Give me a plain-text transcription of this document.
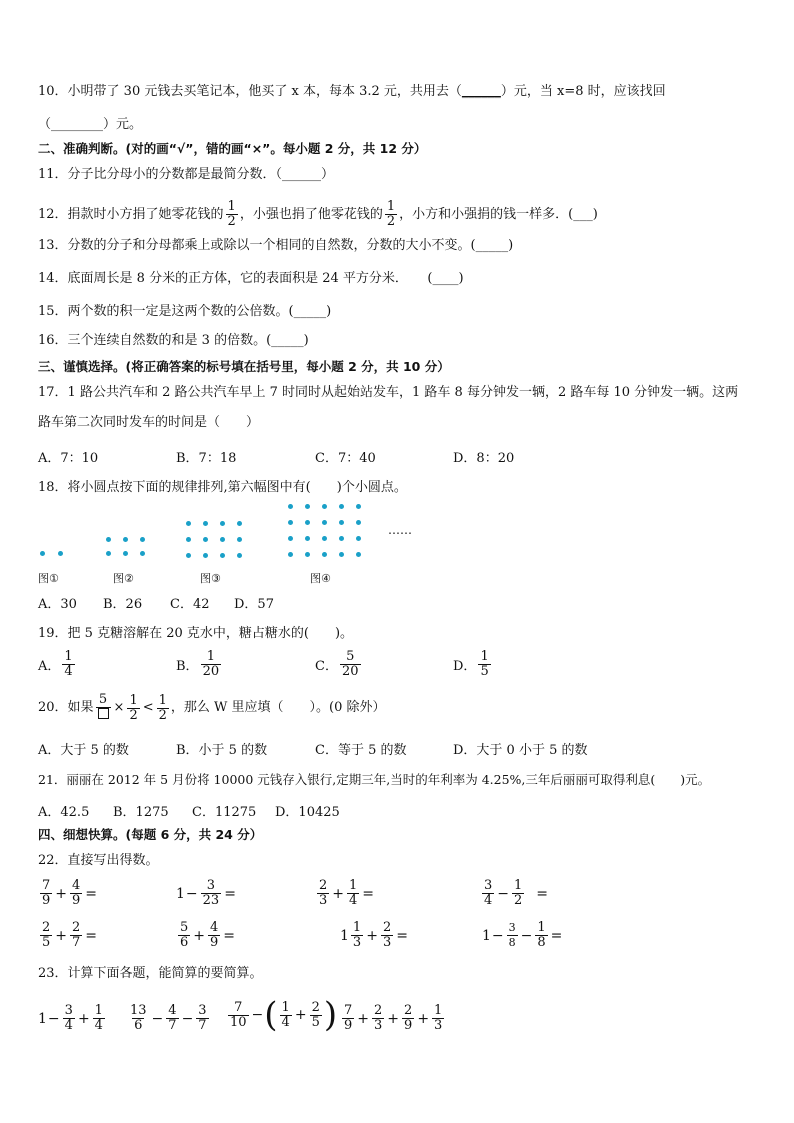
10．小明带了 30 元钱去买笔记本，他买了 x 本，每本 3.2 元，共用去（______）元，当 x=8 时，应该找回
（________）元。
二、准确判断。(对的画“√”，错的画“×”。每小题 2 分，共 12 分）
11．分子比分母小的分数都是最简分数．（______）
12．捐款时小方捐了她零花钱的 $\frac{1}{2}$ ，小强也捐了他零花钱的 $\frac{1}{2}$ ，小方和小强捐的钱一样多．(___)
13．分数的分子和分母都乘上或除以一个相同的自然数，分数的大小不变。(_____)
14．底面周长是 8 分米的正方体，它的表面积是 24 平方分米．　　(____)
15．两个数的积一定是这两个数的公倍数。(_____)
16．三个连续自然数的和是 3 的倍数。(_____)
三、谨慎选择。(将正确答案的标号填在括号里，每小题 2 分，共 10 分）
17．1 路公共汽车和 2 路公共汽车早上 7 时同时从起始站发车，1 路车 8 每分钟发一辆，2 路车每 10 分钟发一辆。这两
路车第二次同时发车的时间是（　　）
A．7：10	B．7：18	C．7：40	D．8：20
18．将小圆点按下面的规律排列,第六幅图中有(　　)个小圆点。
……
图①	图②	图③	图④
A．30 B．26 C．42 D．57
19．把 5 克糖溶解在 20 克水中，糖占糖水的(　　)。
A． $\frac{1}{4}$	B． $\frac{1}{20}$	C． $\frac{5}{20}$	D． $\frac{1}{5}$
20．如果
5
× $\frac{1}{2} < \frac{1}{2}$ ，那么 W 里应填（　　）。(0 除外）
A．大于 5 的数	B．小于 5 的数	C．等于 5 的数	D．大于 0 小于 5 的数
21．丽丽在 2012 年 5 月份将 10000 元钱存入银行,定期三年,当时的年利率为 4.25%,三年后丽丽可取得利息(　　)元。
A．42.5 B．1275 C．11275 D．10425
四、细想快算。(每题 6 分，共 24 分）
22．直接写出得数。
$\frac{7}{9} + \frac{4}{9}$ =	$1 - \frac{3}{23}$ =	$\frac{2}{3} + \frac{1}{4}$ =	$\frac{3}{4} - \frac{1}{2}$ =
$\frac{2}{5} + \frac{2}{7}$ =	$\frac{5}{6} + \frac{4}{9}$ =	$1 \frac{1}{3} + \frac{2}{3}$ =	$1 - \frac{3}{8} - \frac{1}{8}$ =
23．计算下面各题，能简算的要简算。
$1 - \frac{3}{4} + \frac{1}{4} \frac{13}{6} - \frac{4}{7} - \frac{3}{7} \frac{7}{10}$ − ( $\frac{1}{4} + \frac{2}{5}$ ) $\frac{7}{9} + \frac{2}{3} + \frac{2}{9} + \frac{1}{3}$
